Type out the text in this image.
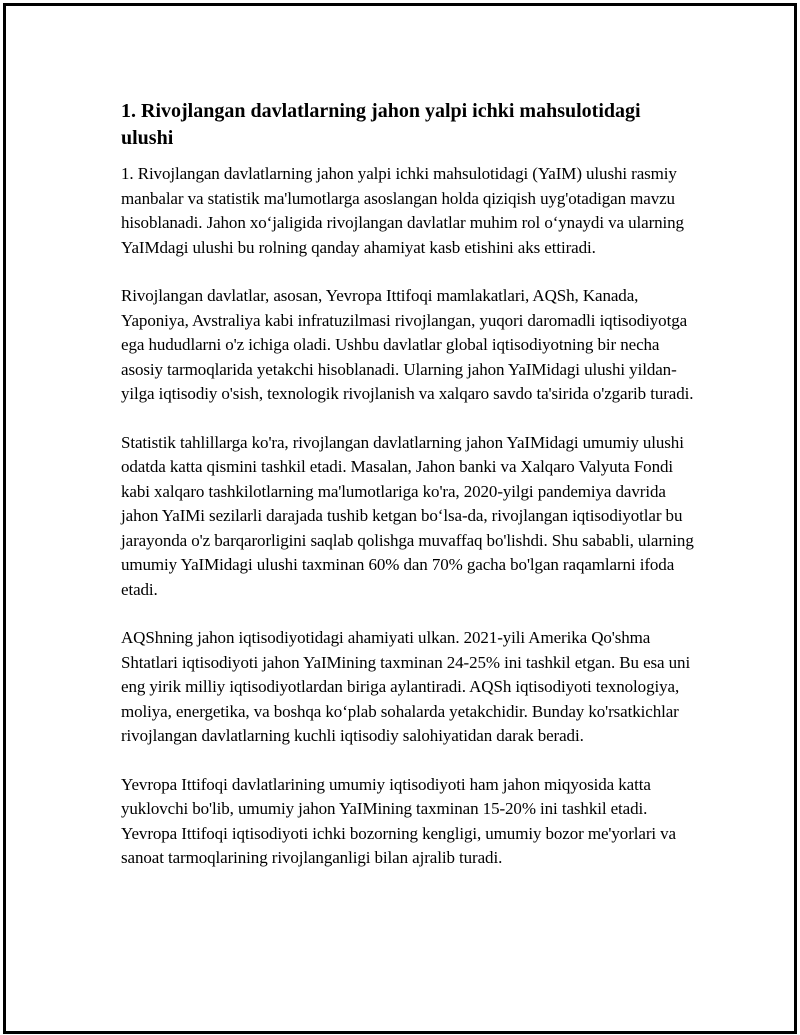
1. Rivojlangan davlatlarning jahon yalpi ichki mahsulotidagi ulushi

1. Rivojlangan davlatlarning jahon yalpi ichki mahsulotidagi (YaIM) ulushi rasmiy manbalar va statistik ma'lumotlarga asoslangan holda qiziqish uyg'otadigan mavzu hisoblanadi. Jahon xo‘jaligida rivojlangan davlatlar muhim rol o‘ynaydi va ularning YaIMdagi ulushi bu rolning qanday ahamiyat kasb etishini aks ettiradi.

Rivojlangan davlatlar, asosan, Yevropa Ittifoqi mamlakatlari, AQSh, Kanada, Yaponiya, Avstraliya kabi infratuzilmasi rivojlangan, yuqori daromadli iqtisodiyotga ega hududlarni o'z ichiga oladi. Ushbu davlatlar global iqtisodiyotning bir necha asosiy tarmoqlarida yetakchi hisoblanadi. Ularning jahon YaIMidagi ulushi yildan-yilga iqtisodiy o'sish, texnologik rivojlanish va xalqaro savdo ta'sirida o'zgarib turadi.

Statistik tahlillarga ko'ra, rivojlangan davlatlarning jahon YaIMidagi umumiy ulushi odatda katta qismini tashkil etadi. Masalan, Jahon banki va Xalqaro Valyuta Fondi kabi xalqaro tashkilotlarning ma'lumotlariga ko'ra, 2020-yilgi pandemiya davrida jahon YaIMi sezilarli darajada tushib ketgan bo‘lsa-da, rivojlangan iqtisodiyotlar bu jarayonda o'z barqarorligini saqlab qolishga muvaffaq bo'lishdi. Shu sababli, ularning umumiy YaIMidagi ulushi taxminan 60% dan 70% gacha bo'lgan raqamlarni ifoda etadi.

AQShning jahon iqtisodiyotidagi ahamiyati ulkan. 2021-yili Amerika Qo'shma Shtatlari iqtisodiyoti jahon YaIMining taxminan 24-25% ini tashkil etgan. Bu esa uni eng yirik milliy iqtisodiyotlardan biriga aylantiradi. AQSh iqtisodiyoti texnologiya, moliya, energetika, va boshqa ko‘plab sohalarda yetakchidir. Bunday ko'rsatkichlar rivojlangan davlatlarning kuchli iqtisodiy salohiyatidan darak beradi.

Yevropa Ittifoqi davlatlarining umumiy iqtisodiyoti ham jahon miqyosida katta yuklovchi bo'lib, umumiy jahon YaIMining taxminan 15-20% ini tashkil etadi. Yevropa Ittifoqi iqtisodiyoti ichki bozorning kengligi, umumiy bozor me'yorlari va sanoat tarmoqlarining rivojlanganligi bilan ajralib turadi.
